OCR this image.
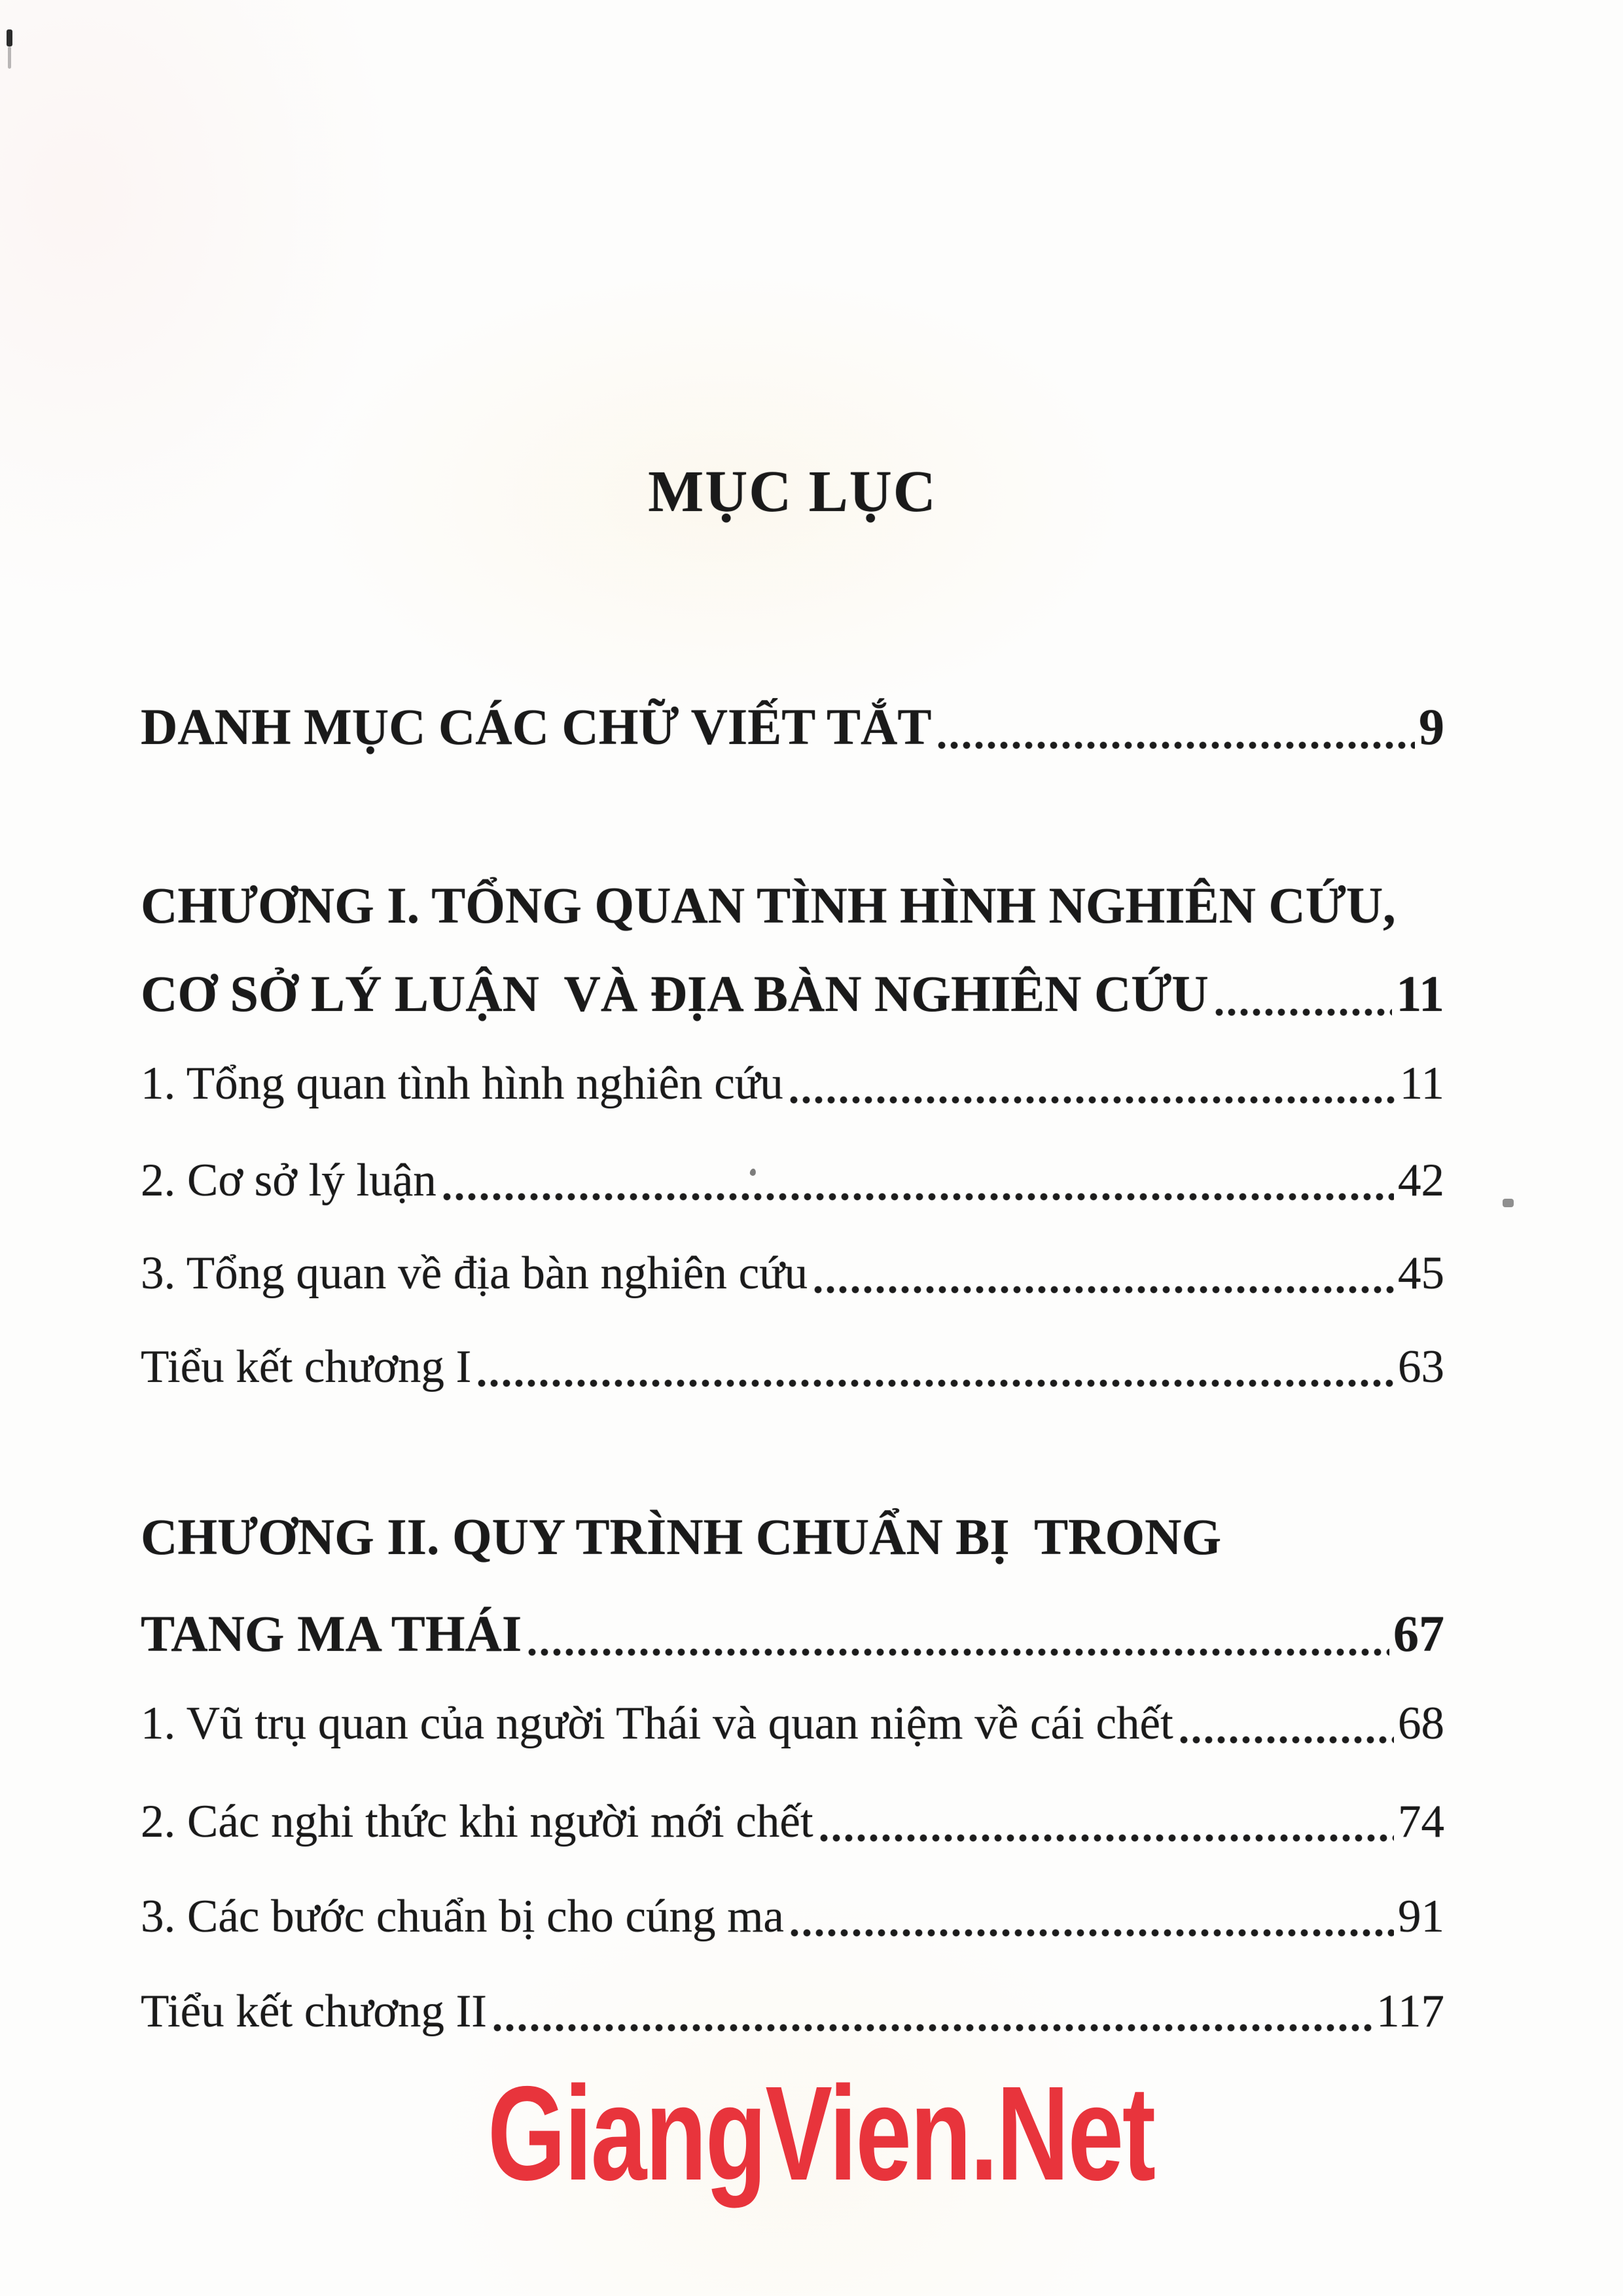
MỤC LỤC
DANH MỤC CÁC CHỮ VIẾT TẮT	9
CHƯƠNG I. TỔNG QUAN TÌNH HÌNH NGHIÊN CỨU,
CƠ SỞ LÝ LUẬN  VÀ ĐỊA BÀN NGHIÊN CỨU	11
1. Tổng quan tình hình nghiên cứu	11
2. Cơ sở lý luận	42
3. Tổng quan về địa bàn nghiên cứu	45
Tiểu kết chương I	63
CHƯƠNG II. QUY TRÌNH CHUẨN BỊ  TRONG
TANG MA THÁI	67
1. Vũ trụ quan của người Thái và quan niệm về cái chết	68
2. Các nghi thức khi người mới chết	74
3. Các bước chuẩn bị cho cúng ma	91
Tiểu kết chương II	117
GiangVien.Net
